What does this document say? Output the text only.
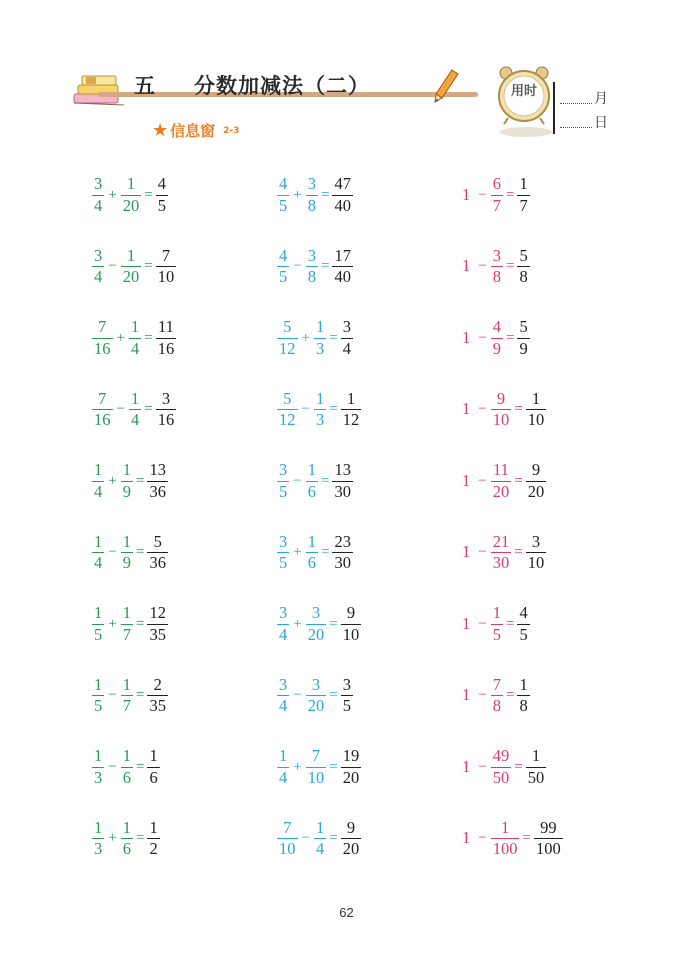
五 分数加减法（二）
★ 信息窗 2-3
用时	月
日
$\frac{3}{4} + \frac{1}{20} = \frac{4}{5}$
$\frac{3}{4} - \frac{1}{20} = \frac{7}{10}$
$\frac{7}{16} + \frac{1}{4} = \frac{11}{16}$
$\frac{7}{16} - \frac{1}{4} = \frac{3}{16}$
$\frac{1}{4} + \frac{1}{9} = \frac{13}{36}$
$\frac{1}{4} - \frac{1}{9} = \frac{5}{36}$
$\frac{1}{5} + \frac{1}{7} = \frac{12}{35}$
$\frac{1}{5} - \frac{1}{7} = \frac{2}{35}$
$\frac{1}{3} - \frac{1}{6} = \frac{1}{6}$
$\frac{1}{3} + \frac{1}{6} = \frac{1}{2}$
$\frac{4}{5} + \frac{3}{8} = \frac{47}{40}$
$\frac{4}{5} - \frac{3}{8} = \frac{17}{40}$
$\frac{5}{12} + \frac{1}{3} = \frac{3}{4}$
$\frac{5}{12} - \frac{1}{3} = \frac{1}{12}$
$\frac{3}{5} - \frac{1}{6} = \frac{13}{30}$
$\frac{3}{5} + \frac{1}{6} = \frac{23}{30}$
$\frac{3}{4} + \frac{3}{20} = \frac{9}{10}$
$\frac{3}{4} - \frac{3}{20} = \frac{3}{5}$
$\frac{1}{4} + \frac{7}{10} = \frac{19}{20}$
$\frac{7}{10} - \frac{1}{4} = \frac{9}{20}$
$1 - \frac{6}{7} = \frac{1}{7}$
$1 - \frac{3}{8} = \frac{5}{8}$
$1 - \frac{4}{9} = \frac{5}{9}$
$1 - \frac{9}{10} = \frac{1}{10}$
$1 - \frac{11}{20} = \frac{9}{20}$
$1 - \frac{21}{30} = \frac{3}{10}$
$1 - \frac{1}{5} = \frac{4}{5}$
$1 - \frac{7}{8} = \frac{1}{8}$
$1 - \frac{49}{50} = \frac{1}{50}$
$1 - \frac{1}{100} = \frac{99}{100}$
62
